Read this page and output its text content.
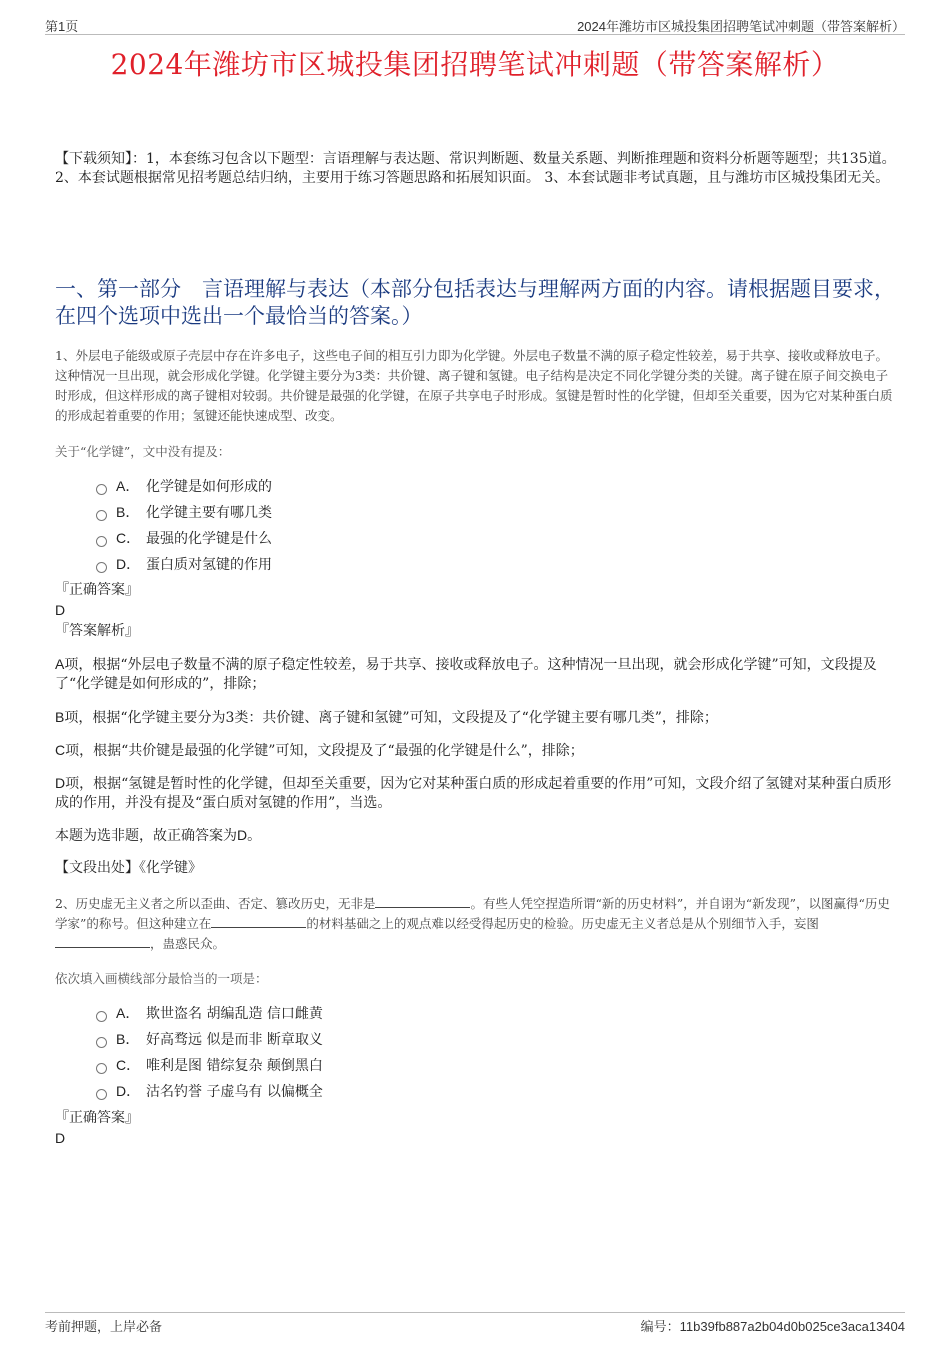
第1页	2024年潍坊市区城投集团招聘笔试冲刺题（带答案解析）
2024年潍坊市区城投集团招聘笔试冲刺题（带答案解析）
【下载须知】：1，本套练习包含以下题型：言语理解与表达题、常识判断题、数量关系题、判断推理题和资料分析题等题型；共135道。 2、本套试题根据常见招考题总结归纳，主要用于练习答题思路和拓展知识面。 3、本套试题非考试真题，且与潍坊市区城投集团无关。
一、第一部分　言语理解与表达（本部分包括表达与理解两方面的内容。请根据题目要求，在四个选项中选出一个最恰当的答案。）
1、外层电子能级或原子壳层中存在许多电子，这些电子间的相互引力即为化学键。外层电子数量不满的原子稳定性较差，易于共享、接收或释放电子。这种情况一旦出现，就会形成化学键。化学键主要分为3类：共价键、离子键和氢键。电子结构是决定不同化学键分类的关键。离子键在原子间交换电子时形成，但这样形成的离子键相对较弱。共价键是最强的化学键，在原子共享电子时形成。氢键是暂时性的化学键，但却至关重要，因为它对某种蛋白质的形成起着重要的作用；氢键还能快速成型、改变。
关于“化学键”，文中没有提及：
A． 化学键是如何形成的
B． 化学键主要有哪几类
C． 最强的化学键是什么
D． 蛋白质对氢键的作用
『正确答案』
D
『答案解析』
A项，根据“外层电子数量不满的原子稳定性较差，易于共享、接收或释放电子。这种情况一旦出现，就会形成化学键”可知，文段提及了“化学键是如何形成的”，排除；
B项，根据“化学键主要分为3类：共价键、离子键和氢键”可知，文段提及了“化学键主要有哪几类”，排除；
C项，根据“共价键是最强的化学键”可知，文段提及了“最强的化学键是什么”，排除；
D项，根据“氢键是暂时性的化学键，但却至关重要，因为它对某种蛋白质的形成起着重要的作用”可知，文段介绍了氢键对某种蛋白质形成的作用，并没有提及“蛋白质对氢键的作用”，当选。
本题为选非题，故正确答案为D。
【文段出处】《化学键》
2、历史虚无主义者之所以歪曲、否定、篡改历史，无非是	。有些人凭空捏造所谓“新的历史材料”，并自诩为“新发现”，以图赢得“历史学家”的称号。但这种建立在	的材料基础之上的观点难以经受得起历史的检验。历史虚无主义者总是从个别细节入手，妄图，蛊惑民众。
依次填入画横线部分最恰当的一项是：
A． 欺世盗名 胡编乱造 信口雌黄
B． 好高骛远 似是而非 断章取义
C． 唯利是图 错综复杂 颠倒黑白
D． 沽名钓誉 子虚乌有 以偏概全
『正确答案』
D
考前押题，上岸必备	编号：11b39fb887a2b04d0b025ce3aca13404
